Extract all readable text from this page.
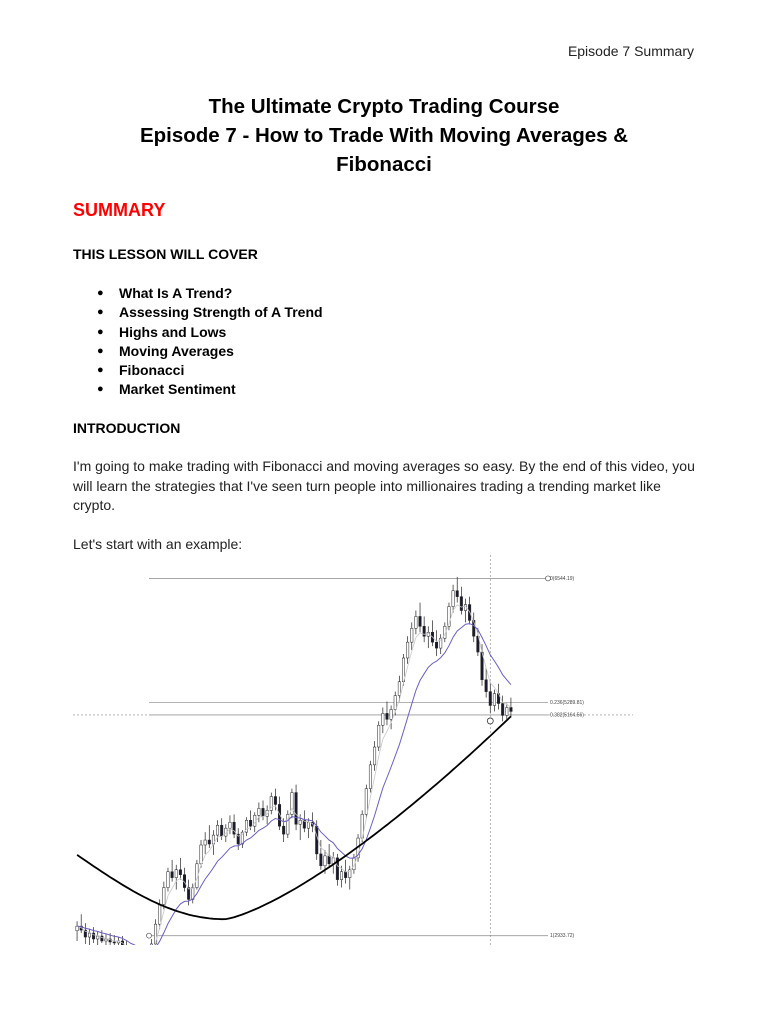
Episode 7 Summary
The Ultimate Crypto Trading Course
Episode 7 - How to Trade With Moving Averages &
Fibonacci
SUMMARY
THIS LESSON WILL COVER
● What Is A Trend?
● Assessing Strength of A Trend
● Highs and Lows
● Moving Averages
● Fibonacci
● Market Sentiment
INTRODUCTION
I'm going to make trading with Fibonacci and moving averages so easy. By the end of this video, you will learn the strategies that I've seen turn people into millionaires trading a trending market like crypto.
Let's start with an example:
0(6544.19)
0.236(5289.81)
0.382(5164.56)
1(2933.72)
